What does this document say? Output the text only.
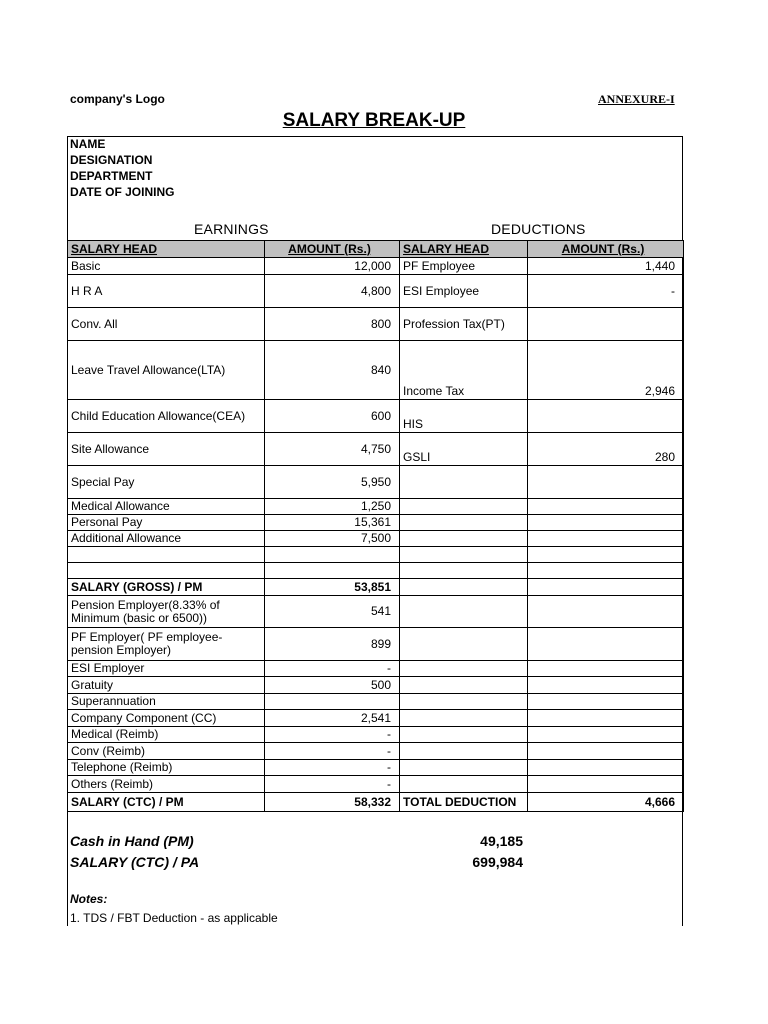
company's Logo	ANNEXURE-I
SALARY BREAK-UP
NAME
DESIGNATION
DEPARTMENT
DATE OF JOINING
EARNINGS	DEDUCTIONS
SALARY HEAD	AMOUNT (Rs.)	SALARY HEAD	AMOUNT (Rs.)
Basic	12,000	PF Employee	1,440
H R A	4,800	ESI Employee	-
Conv. All	800	Profession Tax(PT)	
Leave Travel Allowance(LTA)	840	Income Tax	2,946
Child Education Allowance(CEA)	600	HIS	
Site Allowance	4,750	GSLI	280
Special Pay	5,950		
Medical Allowance	1,250		
Personal Pay	15,361		
Additional Allowance	7,500		

SALARY (GROSS) / PM	53,851		
Pension Employer(8.33% of Minimum (basic or 6500))	541		
PF Employer( PF employee-pension Employer)	899		
ESI Employer	-		
Gratuity	500		
Superannuation			
Company Component (CC)	2,541		
Medical (Reimb)	-		
Conv (Reimb)	-		
Telephone (Reimb)	-		
Others (Reimb)	-		
SALARY (CTC) / PM	58,332	TOTAL DEDUCTION	4,666
Cash in Hand (PM)	49,185
SALARY (CTC) / PA	699,984
Notes:
1. TDS / FBT Deduction - as applicable
